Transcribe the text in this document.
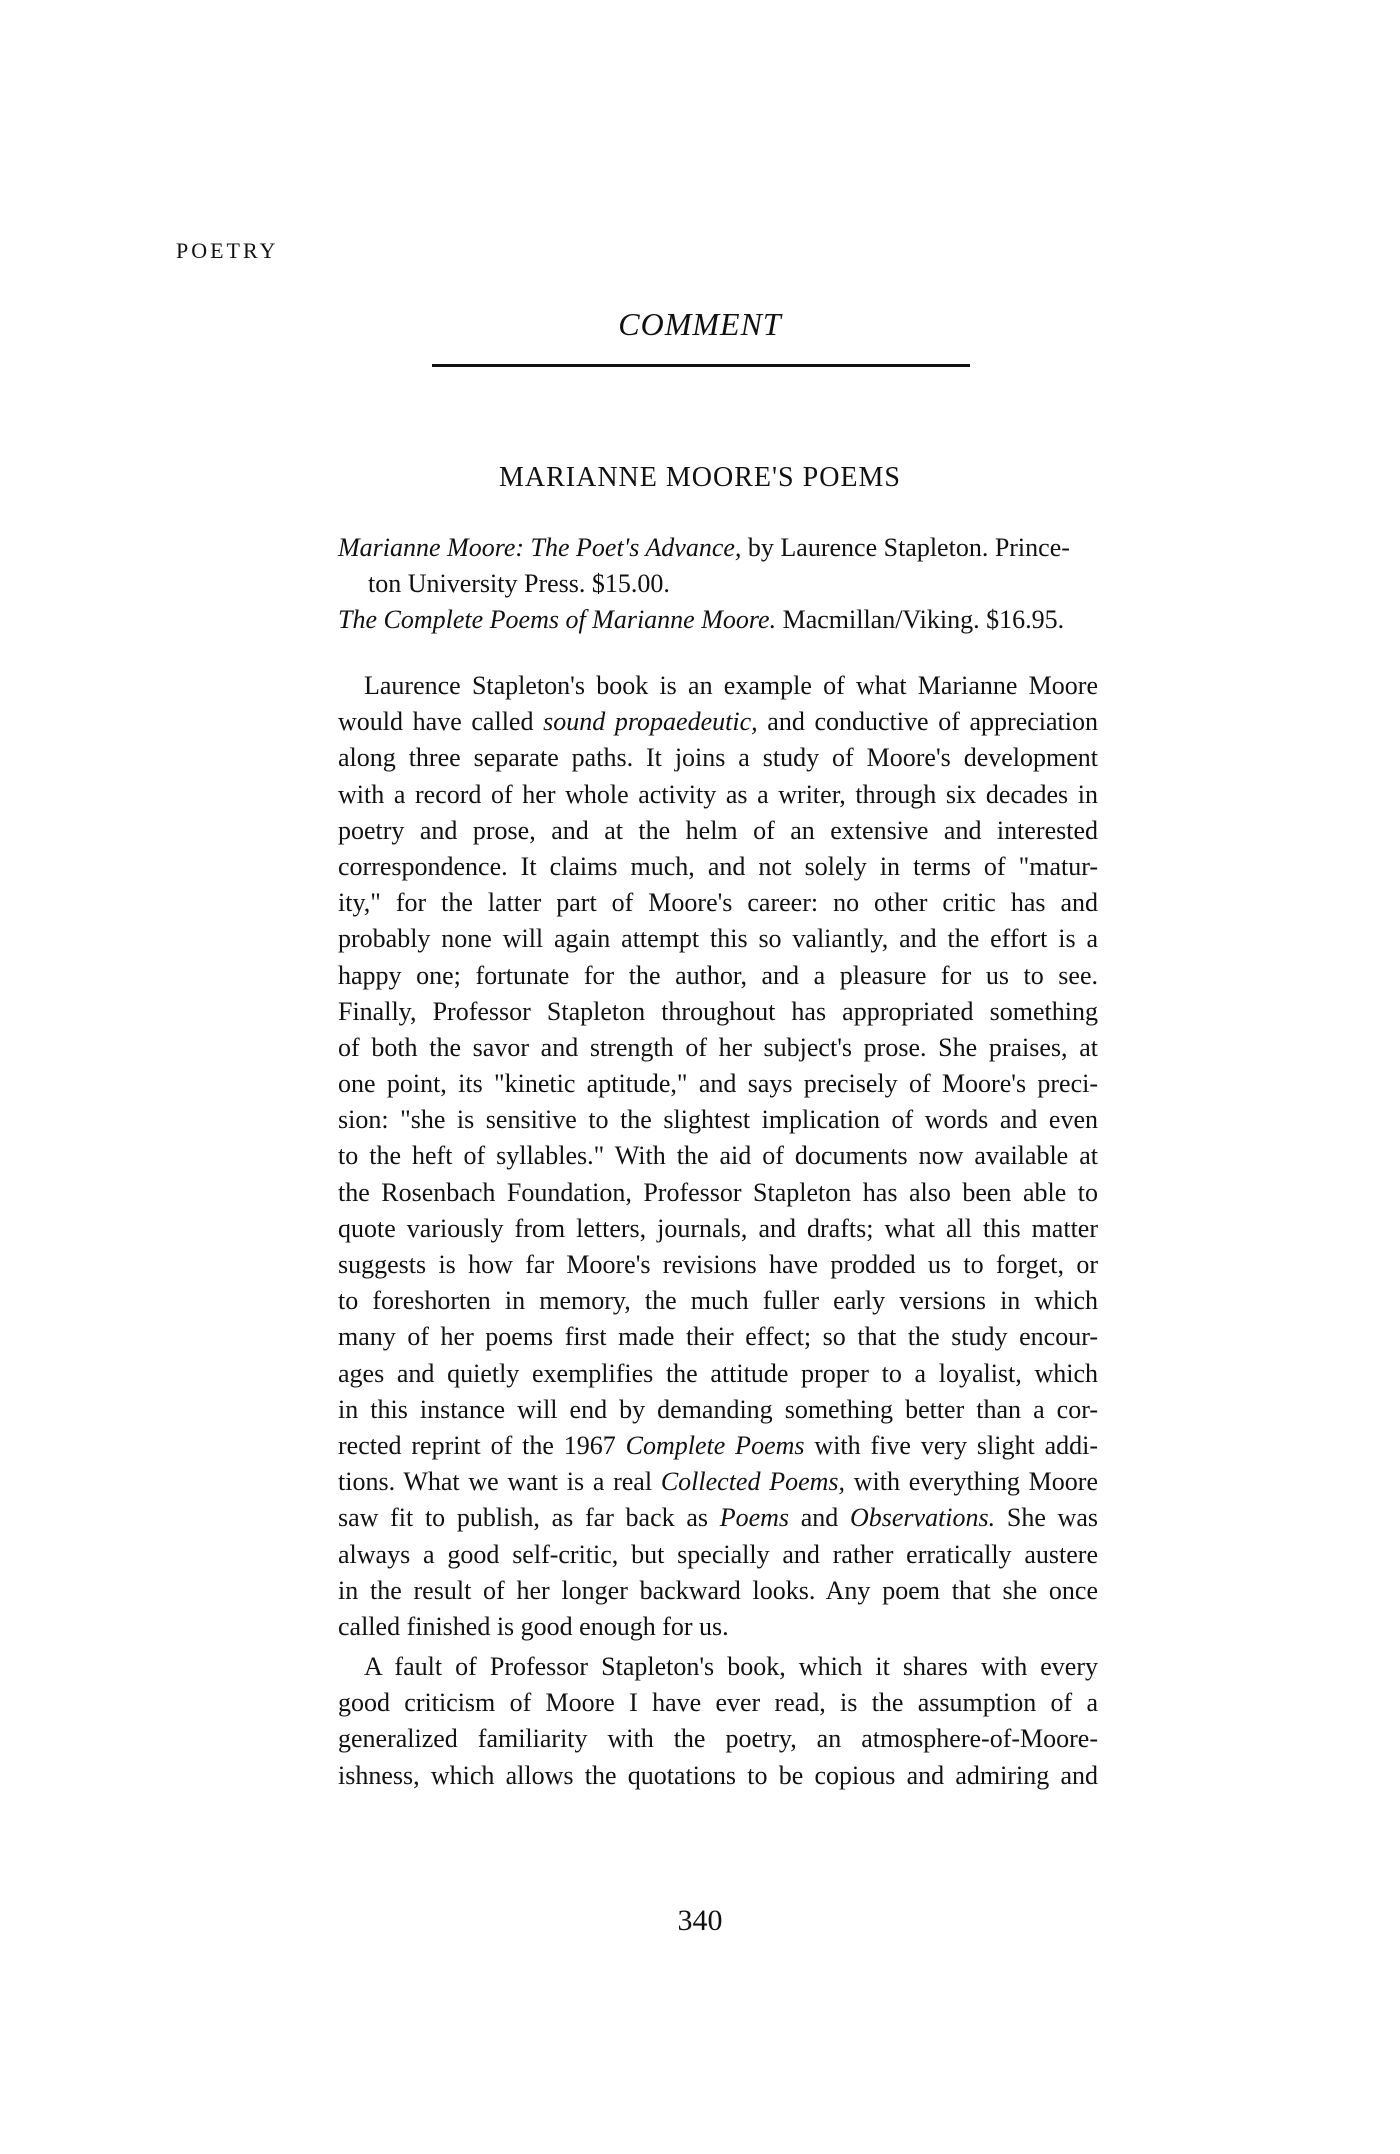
POETRY
COMMENT
MARIANNE MOORE'S POEMS

Marianne Moore: The Poet's Advance, by Laurence Stapleton. Prince- ton University Press. $15.00.

The Complete Poems of Marianne Moore. Macmillan/Viking. $16.95.

Laurence Stapleton's book is an example of what Marianne Moore
would have called sound propaedeutic, and conductive of appreciation
along three separate paths. It joins a study of Moore's development
with a record of her whole activity as a writer, through six decades in
poetry and prose, and at the helm of an extensive and interested
correspondence. It claims much, and not solely in terms of "matur-
ity," for the latter part of Moore's career: no other critic has and
probably none will again attempt this so valiantly, and the effort is a
happy one; fortunate for the author, and a pleasure for us to see.
Finally, Professor Stapleton throughout has appropriated something
of both the savor and strength of her subject's prose. She praises, at
one point, its "kinetic aptitude," and says precisely of Moore's preci-
sion: "she is sensitive to the slightest implication of words and even
to the heft of syllables." With the aid of documents now available at
the Rosenbach Foundation, Professor Stapleton has also been able to
quote variously from letters, journals, and drafts; what all this matter
suggests is how far Moore's revisions have prodded us to forget, or
to foreshorten in memory, the much fuller early versions in which
many of her poems first made their effect; so that the study encour-
ages and quietly exemplifies the attitude proper to a loyalist, which
in this instance will end by demanding something better than a cor-
rected reprint of the 1967 Complete Poems with five very slight addi-
tions. What we want is a real Collected Poems, with everything Moore
saw fit to publish, as far back as Poems and Observations. She was
always a good self-critic, but specially and rather erratically austere
in the result of her longer backward looks. Any poem that she once
called finished is good enough for us.
A fault of Professor Stapleton's book, which it shares with every
good criticism of Moore I have ever read, is the assumption of a
generalized familiarity with the poetry, an atmosphere-of-Moore-
ishness, which allows the quotations to be copious and admiring and
340
